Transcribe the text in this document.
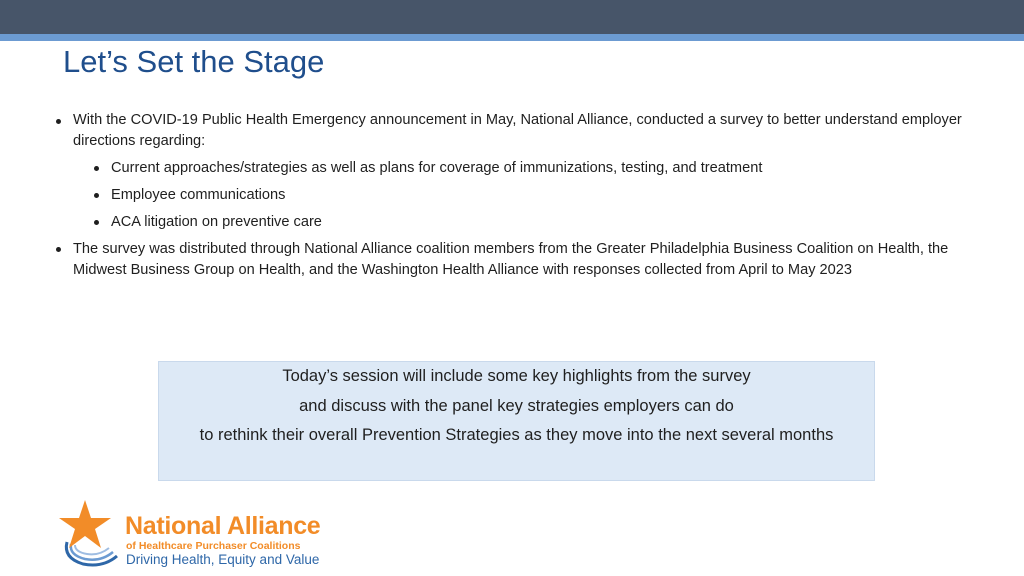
Let’s Set the Stage
With the COVID-19 Public Health Emergency announcement in May, National Alliance, conducted a survey to better understand employer directions regarding:
Current approaches/strategies as well as plans for coverage of immunizations, testing, and treatment
Employee communications
ACA litigation on preventive care
The survey was distributed through National Alliance coalition members from the Greater Philadelphia Business Coalition on Health, the Midwest Business Group on Health, and the Washington Health Alliance with responses collected from April to May 2023
Today’s session will include some key highlights from the survey
and discuss with the panel key strategies employers can do
to rethink their overall Prevention Strategies as they move into the next several months
National Alliance
of Healthcare Purchaser Coalitions
Driving Health, Equity and Value
